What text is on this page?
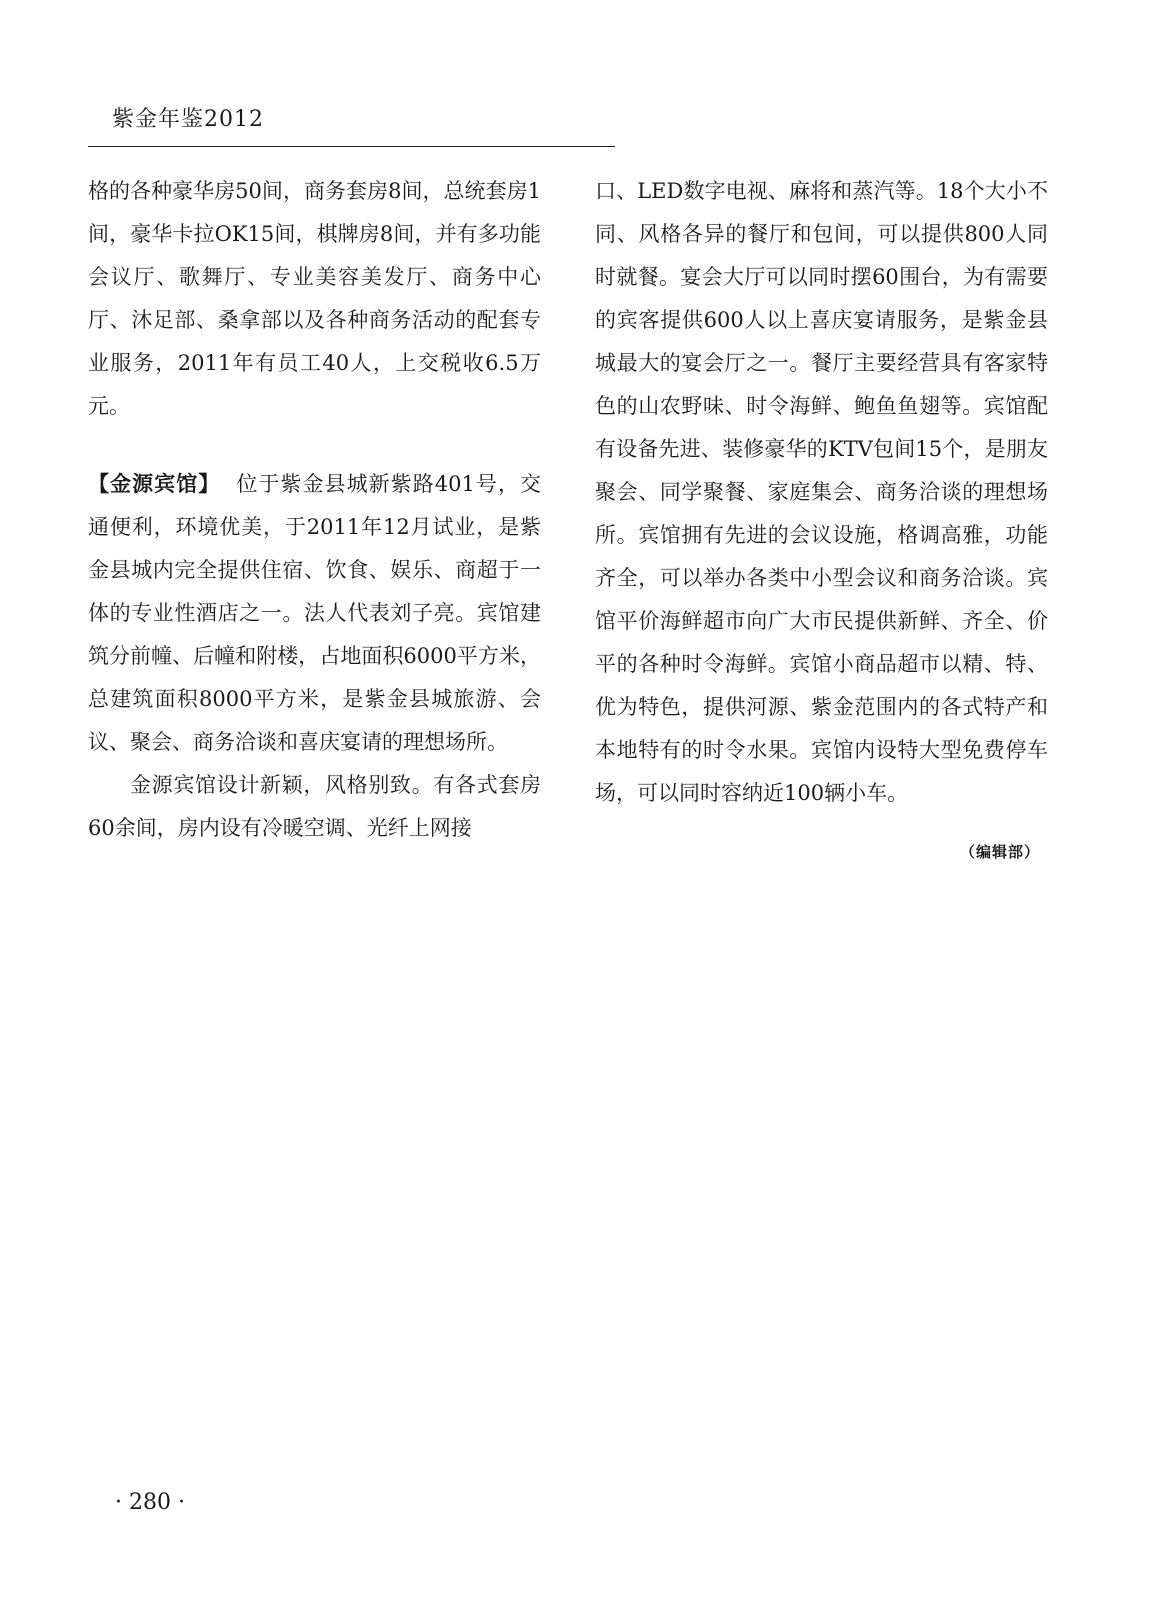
紫金年鉴2012

格的各种豪华房50间，商务套房8间，总统套房1间，豪华卡拉OK15间，棋牌房8间，并有多功能会议厅、歌舞厅、专业美容美发厅、商务中心厅、沐足部、桑拿部以及各种商务活动的配套专业服务，2011年有员工40人，上交税收6.5万元。

【金源宾馆】 位于紫金县城新紫路401号，交通便利，环境优美，于2011年12月试业，是紫金县城内完全提供住宿、饮食、娱乐、商超于一体的专业性酒店之一。法人代表刘子亮。宾馆建筑分前幢、后幢和附楼，占地面积6000平方米，总建筑面积8000平方米，是紫金县城旅游、会议、聚会、商务洽谈和喜庆宴请的理想场所。

金源宾馆设计新颖，风格别致。有各式套房60余间，房内设有冷暖空调、光纤上网接

口、LED数字电视、麻将和蒸汽等。18个大小不同、风格各异的餐厅和包间，可以提供800人同时就餐。宴会大厅可以同时摆60围台，为有需要的宾客提供600人以上喜庆宴请服务，是紫金县城最大的宴会厅之一。餐厅主要经营具有客家特色的山农野味、时令海鲜、鲍鱼鱼翅等。宾馆配有设备先进、装修豪华的KTV包间15个，是朋友聚会、同学聚餐、家庭集会、商务洽谈的理想场所。宾馆拥有先进的会议设施，格调高雅，功能齐全，可以举办各类中小型会议和商务洽谈。宾馆平价海鲜超市向广大市民提供新鲜、齐全、价平的各种时令海鲜。宾馆小商品超市以精、特、优为特色，提供河源、紫金范围内的各式特产和本地特有的时令水果。宾馆内设特大型免费停车场，可以同时容纳近100辆小车。

（编辑部）
· 280 ·
